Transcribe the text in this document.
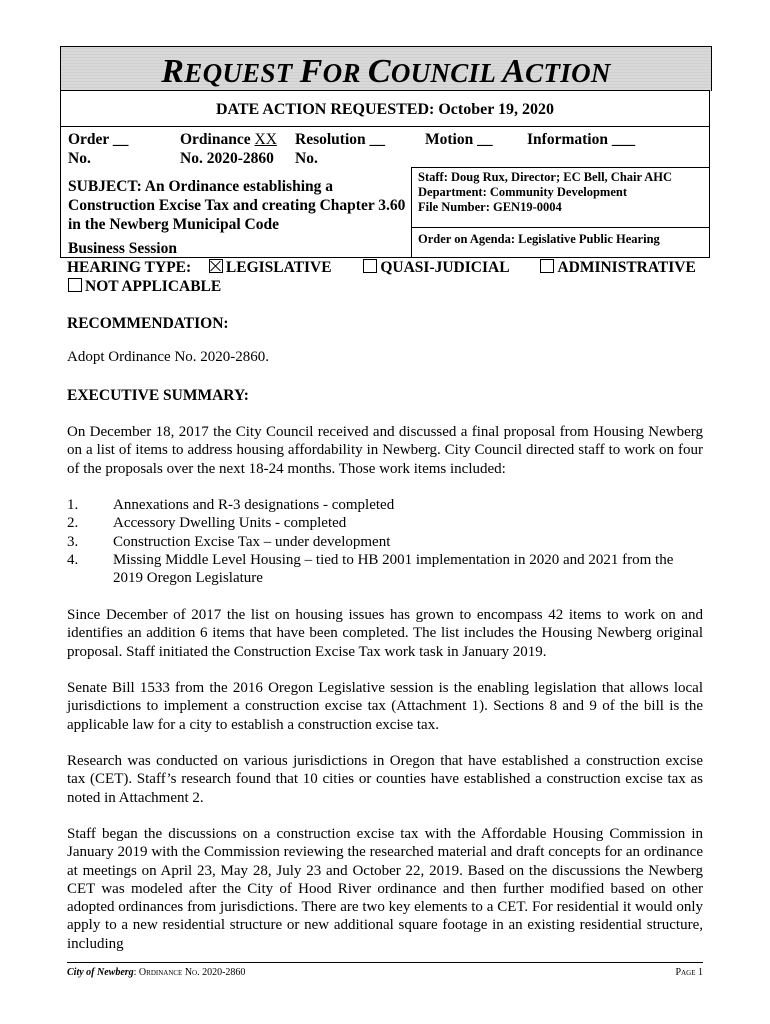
REQUEST FOR COUNCIL ACTION
DATE ACTION REQUESTED: October 19, 2020
Order __
No.
Ordinance XX
No. 2020-2860
Resolution __
No.
Motion __ Information ___
SUBJECT: An Ordinance establishing a Construction Excise Tax and creating Chapter 3.60 in the Newberg Municipal Code
Staff: Doug Rux, Director; EC Bell, Chair AHC
Department: Community Development
File Number: GEN19-0004
Order on Agenda: Legislative Public Hearing
Business Session
HEARING TYPE: LEGISLATIVE	QUASI-JUDICIAL	ADMINISTRATIVE
NOT APPLICABLE
RECOMMENDATION:
Adopt Ordinance No. 2020-2860.
EXECUTIVE SUMMARY:
On December 18, 2017 the City Council received and discussed a final proposal from Housing Newberg on a list of items to address housing affordability in Newberg. City Council directed staff to work on four of the proposals over the next 18-24 months. Those work items included:
1.	Annexations and R-3 designations - completed
2.	Accessory Dwelling Units - completed
3.	Construction Excise Tax – under development
4.	Missing Middle Level Housing – tied to HB 2001 implementation in 2020 and 2021 from the 2019 Oregon Legislature
Since December of 2017 the list on housing issues has grown to encompass 42 items to work on and identifies an addition 6 items that have been completed. The list includes the Housing Newberg original proposal. Staff initiated the Construction Excise Tax work task in January 2019.
Senate Bill 1533 from the 2016 Oregon Legislative session is the enabling legislation that allows local jurisdictions to implement a construction excise tax (Attachment 1). Sections 8 and 9 of the bill is the applicable law for a city to establish a construction excise tax.
Research was conducted on various jurisdictions in Oregon that have established a construction excise tax (CET). Staff’s research found that 10 cities or counties have established a construction excise tax as noted in Attachment 2.
Staff began the discussions on a construction excise tax with the Affordable Housing Commission in January 2019 with the Commission reviewing the researched material and draft concepts for an ordinance at meetings on April 23, May 28, July 23 and October 22, 2019. Based on the discussions the Newberg CET was modeled after the City of Hood River ordinance and then further modified based on other adopted ordinances from jurisdictions. There are two key elements to a CET. For residential it would only apply to a new residential structure or new additional square footage in an existing residential structure, including
City of Newberg: Ordinance No. 2020-2860	Page 1
